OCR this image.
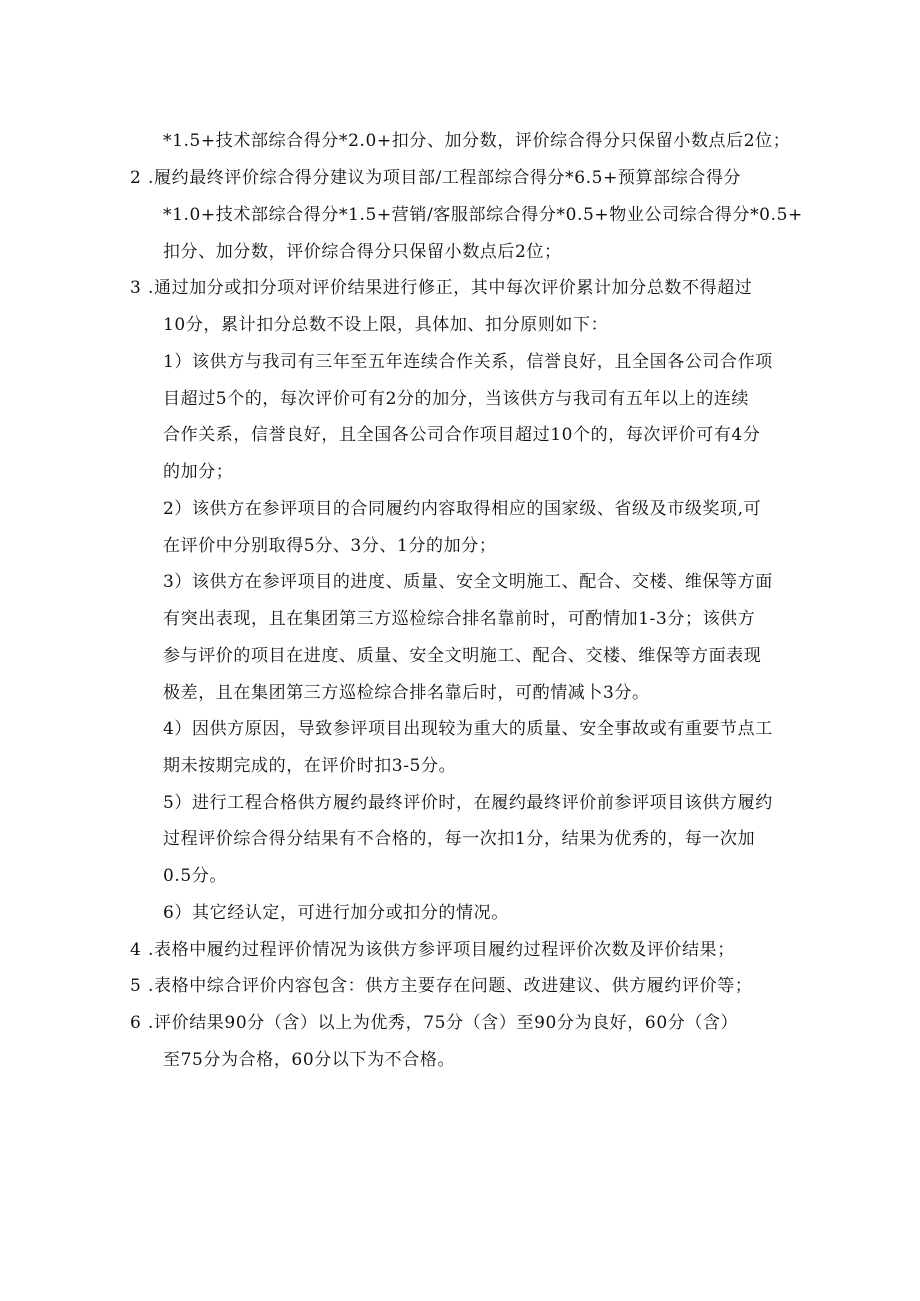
*1.5+技术部综合得分*2.0+扣分、加分数，评价综合得分只保留小数点后2位；
2 .履约最终评价综合得分建议为项目部/工程部综合得分*6.5+预算部综合得分
*1.0+技术部综合得分*1.5+营销/客服部综合得分*0.5+物业公司综合得分*0.5+
扣分、加分数，评价综合得分只保留小数点后2位；
3 .通过加分或扣分项对评价结果进行修正，其中每次评价累计加分总数不得超过
10分，累计扣分总数不设上限，具体加、扣分原则如下：
1）该供方与我司有三年至五年连续合作关系，信誉良好，且全国各公司合作项
目超过5个的，每次评价可有2分的加分，当该供方与我司有五年以上的连续
合作关系，信誉良好，且全国各公司合作项目超过10个的，每次评价可有4分
的加分；
2）该供方在参评项目的合同履约内容取得相应的国家级、省级及市级奖项,可
在评价中分别取得5分、3分、1分的加分；
3）该供方在参评项目的进度、质量、安全文明施工、配合、交楼、维保等方面
有突出表现，且在集团第三方巡检综合排名靠前时，可酌情加1-3分；该供方
参与评价的项目在进度、质量、安全文明施工、配合、交楼、维保等方面表现
极差，且在集团第三方巡检综合排名靠后时，可酌情减卜3分。
4）因供方原因，导致参评项目出现较为重大的质量、安全事故或有重要节点工
期未按期完成的，在评价时扣3-5分。
5）进行工程合格供方履约最终评价时，在履约最终评价前参评项目该供方履约
过程评价综合得分结果有不合格的，每一次扣1分，结果为优秀的，每一次加
0.5分。
6）其它经认定，可进行加分或扣分的情况。
4 .表格中履约过程评价情况为该供方参评项目履约过程评价次数及评价结果；
5 .表格中综合评价内容包含：供方主要存在问题、改进建议、供方履约评价等；
6 .评价结果90分（含）以上为优秀，75分（含）至90分为良好，60分（含）
至75分为合格，60分以下为不合格。
